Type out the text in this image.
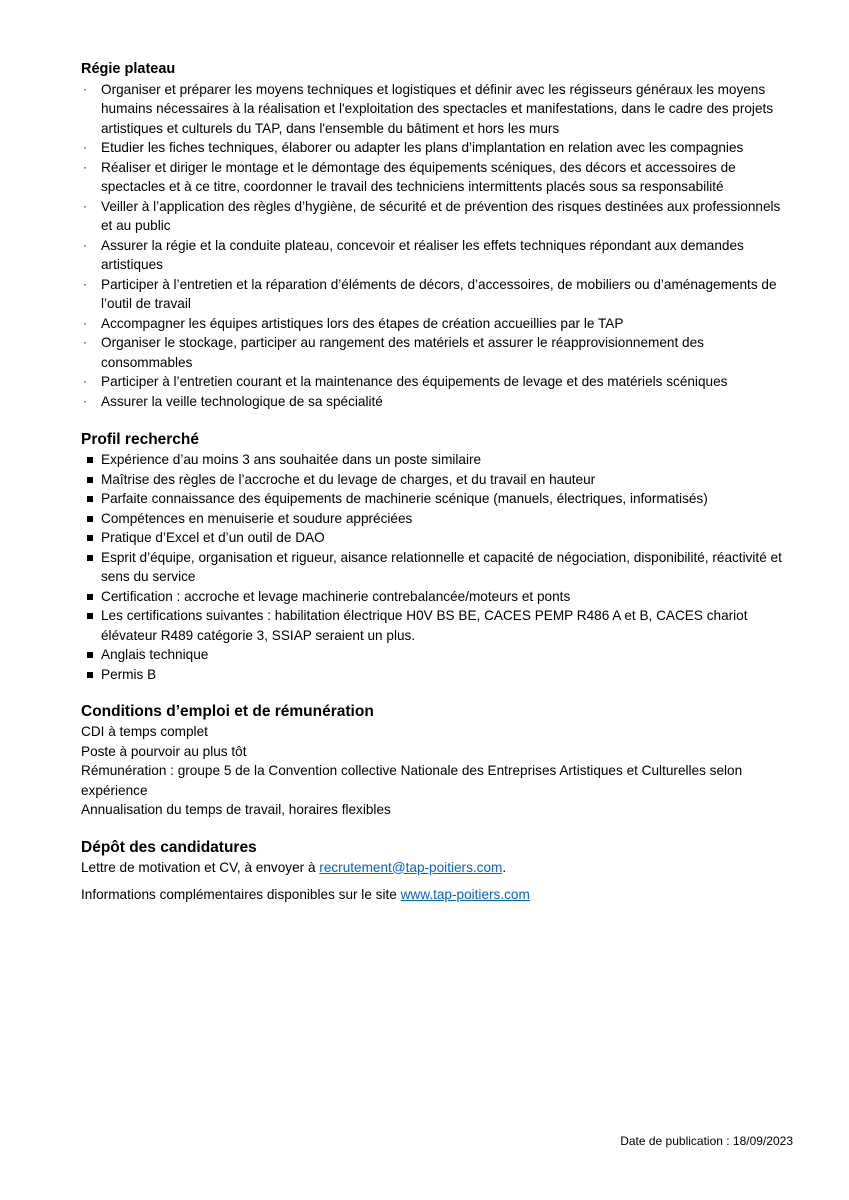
Régie plateau
· Organiser et préparer les moyens techniques et logistiques et définir avec les régisseurs généraux les moyens humains nécessaires à la réalisation et l'exploitation des spectacles et manifestations, dans le cadre des projets artistiques et culturels du TAP, dans l'ensemble du bâtiment et hors les murs
· Etudier les fiches techniques, élaborer ou adapter les plans d’implantation en relation avec les compagnies
· Réaliser et diriger le montage et le démontage des équipements scéniques, des décors et accessoires de spectacles et à ce titre, coordonner le travail des techniciens intermittents placés sous sa responsabilité
· Veiller à l’application des règles d’hygiène, de sécurité et de prévention des risques destinées aux professionnels et au public
· Assurer la régie et la conduite plateau, concevoir et réaliser les effets techniques répondant aux demandes artistiques
· Participer à l’entretien et la réparation d’éléments de décors, d’accessoires, de mobiliers ou d’aménagements de l’outil de travail
· Accompagner les équipes artistiques lors des étapes de création accueillies par le TAP
· Organiser le stockage, participer au rangement des matériels et assurer le réapprovisionnement des consommables
· Participer à l’entretien courant et la maintenance des équipements de levage et des matériels scéniques
· Assurer la veille technologique de sa spécialité
Profil recherché
Expérience d’au moins 3 ans souhaitée dans un poste similaire
Maîtrise des règles de l’accroche et du levage de charges, et du travail en hauteur
Parfaite connaissance des équipements de machinerie scénique (manuels, électriques, informatisés)
Compétences en menuiserie et soudure appréciées
Pratique d’Excel et d’un outil de DAO
Esprit d’équipe, organisation et rigueur, aisance relationnelle et capacité de négociation, disponibilité, réactivité et sens du service
Certification : accroche et levage machinerie contrebalancée/moteurs et ponts
Les certifications suivantes : habilitation électrique H0V BS BE, CACES PEMP R486 A et B, CACES chariot élévateur R489 catégorie 3, SSIAP seraient un plus.
Anglais technique
Permis B
Conditions d’emploi et de rémunération

CDI à temps complet

Poste à pourvoir au plus tôt

Rémunération : groupe 5 de la Convention collective Nationale des Entreprises Artistiques et Culturelles selon expérience

Annualisation du temps de travail, horaires flexibles

Dépôt des candidatures

Lettre de motivation et CV, à envoyer à recrutement@tap-poitiers.com.

Informations complémentaires disponibles sur le site www.tap-poitiers.com

Date de publication : 18/09/2023
